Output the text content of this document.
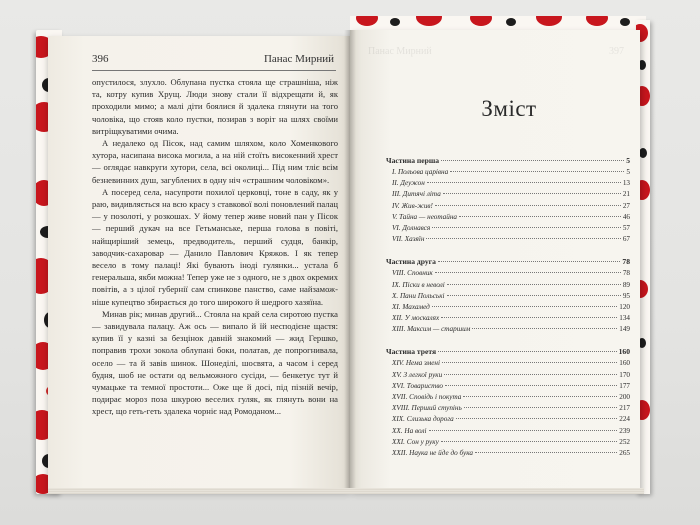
396	Панас Мирний

опустилося, злухло. Облупана пустка стояла ще страшніша, ніж та, котру купив Хрущ. Люди знову стали її відхрещати й, як проходили мимо; а малі діти боялися й здалека глянути на того чоловіка, що стояв коло пустки, позирав з воріт на шлях своїми витріщкуватими очима.

А недалеко од Пісок, над самим шляхом, коло Хоменкового хутора, насипана висока могила, а на ній стоїть високенний хрест — оглядає навкруги хутори, села, всі околиці... Під ним тліє всім безневинних душ, загублених в одну ніч «страшним чоловіком».

А посеред села, насупроти похилої церковці, тоне в саду, як у раю, видивляється на всю красу з ставкової волі поновлений палац — у позолоті, у розкошах. У йому тепер живе новий пан у Пісок — перший дукач на все Гетьманське, перша голова в повіті, найщиріший земець, предводитель, перший судця, банкір, заводчик-сахаровар — Данило Павлович Кряжов. І як тепер весело в тому палаці! Які бувають іноді гулянки... устала б генеральша, якби можна! Тепер уже не з одного, не з двох окремих повітів, а з цілої губернії сам спинкове панство, саме найзаможніше купецтво збирається до того широкого й шедрого хазяїна.

Минав рік; минав другий... Стояла на край села сиротою пустка — завидувала палацу. Аж ось — випало й їй несподієне щастя: купив її у казні за безцінок давній знакомий — жид Гершко, поправив трохи зокола облупані боки, полатав, де попрогнивала, осело — та й завів шинок. Шонеділі, шосвята, а часом і серед будня, шоб не остати од вельможного сусіди, — бенкетує тут й чумацьке та темної простоти... Оже ще й досі, під пізній вечір, подирає мороз поза шкурою веселих гуляк, як глянуть вони на хрест, що геть-геть здалека чорніє над Ромоданом...

Панас Мирний	397
Зміст
Частина перша	5
І. Польова царівна	5
ІІ. Деужон	13
ІІІ. Дитячі літа	21
IV. Жив-жив!	27
V. Тайна — неотайна	46
VI. Долнався	57
VII. Хазяїн	67
Частина друга	78
VIII. Сповник	78
IX. Піски в неволі	89
X. Пани Польські	95
XI. Махамед	120
XII. У москалях	134
XIII. Максим — старшим	149
Частина третя	160
XIV. Нема змені	160
XV. З легкої руки	170
XVI. Товариство	177
XVII. Сповідь і покута	200
XVIII. Перший ступінь	217
XIX. Слизька дорога	224
XX. На волі	239
XXI. Сон у руку	252
XXII. Наука не йде до бука	265
